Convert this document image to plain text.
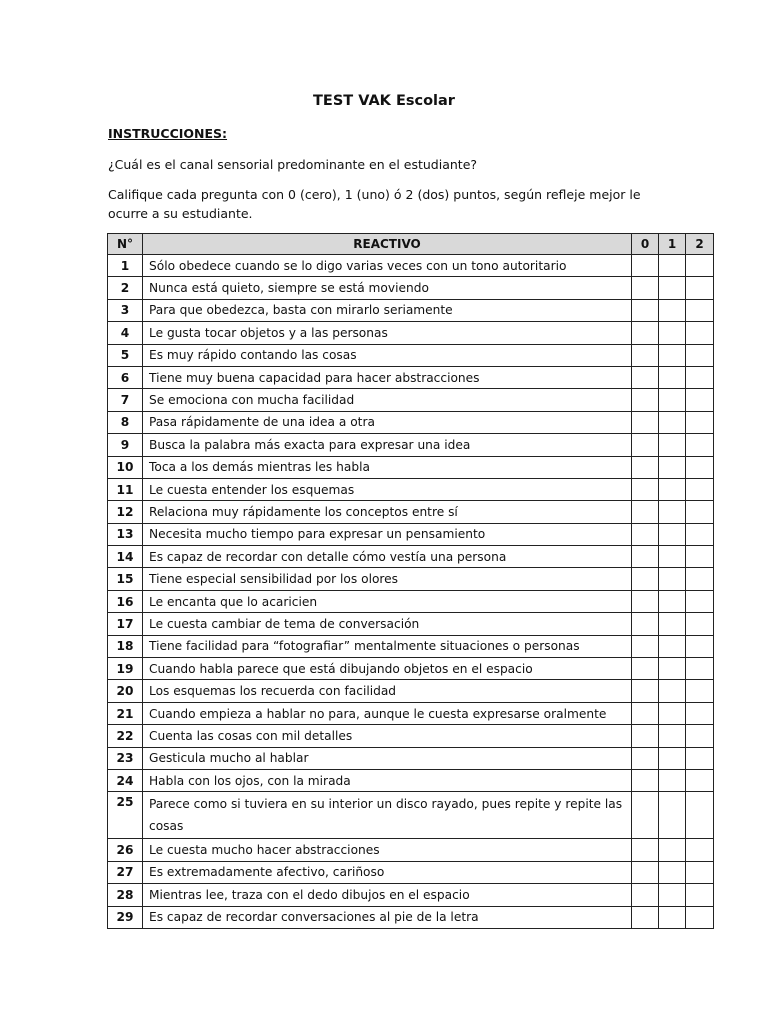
TEST VAK Escolar
INSTRUCCIONES:
¿Cuál es el canal sensorial predominante en el estudiante?
Califique cada pregunta con 0 (cero), 1 (uno) ó 2 (dos) puntos, según refleje mejor le ocurre a su estudiante.
N°	REACTIVO	0	1	2
1	Sólo obedece cuando se lo digo varias veces con un tono autoritario			
2	Nunca está quieto, siempre se está moviendo			
3	Para que obedezca, basta con mirarlo seriamente			
4	Le gusta tocar objetos y a las personas			
5	Es muy rápido contando las cosas			
6	Tiene muy buena capacidad para hacer abstracciones			
7	Se emociona con mucha facilidad			
8	Pasa rápidamente de una idea a otra			
9	Busca la palabra más exacta para expresar una idea			
10	Toca a los demás mientras les habla			
11	Le cuesta entender los esquemas			
12	Relaciona muy rápidamente los conceptos entre sí			
13	Necesita mucho tiempo para expresar un pensamiento			
14	Es capaz de recordar con detalle cómo vestía una persona			
15	Tiene especial sensibilidad por los olores			
16	Le encanta que lo acaricien			
17	Le cuesta cambiar de tema de conversación			
18	Tiene facilidad para “fotografiar” mentalmente situaciones o personas			
19	Cuando habla parece que está dibujando objetos en el espacio			
20	Los esquemas los recuerda con facilidad			
21	Cuando empieza a hablar no para, aunque le cuesta expresarse oralmente			
22	Cuenta las cosas con mil detalles			
23	Gesticula mucho al hablar			
24	Habla con los ojos, con la mirada			
25	Parece como si tuviera en su interior un disco rayado, pues repite y repite las cosas			
26	Le cuesta mucho hacer abstracciones			
27	Es extremadamente afectivo, cariñoso			
28	Mientras lee, traza con el dedo dibujos en el espacio			
29	Es capaz de recordar conversaciones al pie de la letra			
